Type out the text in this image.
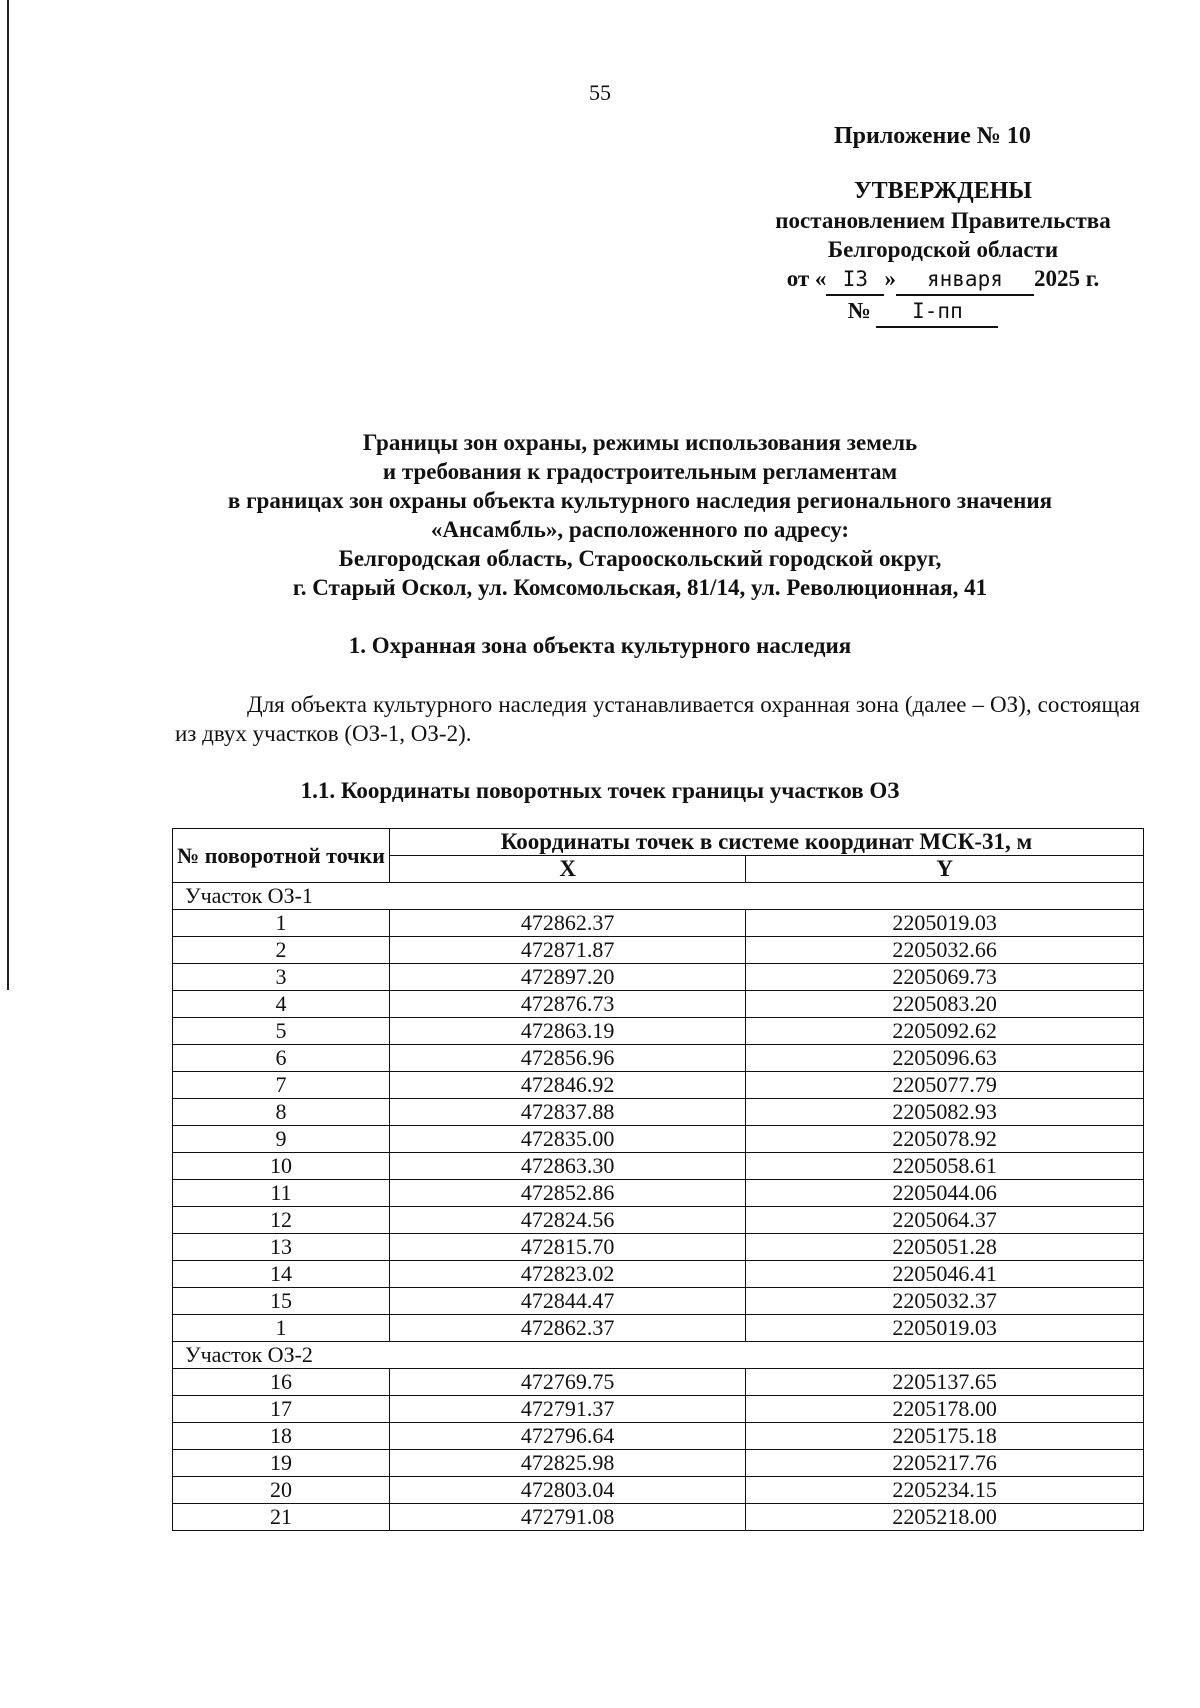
55
Приложение № 10
УТВЕРЖДЕНЫ
постановлением Правительства
Белгородской области
от « I3 » января 2025 г.
№ I-пп
Границы зон охраны, режимы использования земель
и требования к градостроительным регламентам
в границах зон охраны объекта культурного наследия регионального значения
«Ансамбль», расположенного по адресу:
Белгородская область, Старооскольский городской округ,
г. Старый Оскол, ул. Комсомольская, 81/14, ул. Революционная, 41
1. Охранная зона объекта культурного наследия
Для объекта культурного наследия устанавливается охранная зона (далее – ОЗ), состоящая из двух участков (ОЗ-1, ОЗ-2).
1.1. Координаты поворотных точек границы участков ОЗ
№ поворотной точки	Координаты точек в системе координат МСК-31, м	
	X	Y
Участок ОЗ-1		
1	472862.37	2205019.03
2	472871.87	2205032.66
3	472897.20	2205069.73
4	472876.73	2205083.20
5	472863.19	2205092.62
6	472856.96	2205096.63
7	472846.92	2205077.79
8	472837.88	2205082.93
9	472835.00	2205078.92
10	472863.30	2205058.61
11	472852.86	2205044.06
12	472824.56	2205064.37
13	472815.70	2205051.28
14	472823.02	2205046.41
15	472844.47	2205032.37
1	472862.37	2205019.03
Участок ОЗ-2		
16	472769.75	2205137.65
17	472791.37	2205178.00
18	472796.64	2205175.18
19	472825.98	2205217.76
20	472803.04	2205234.15
21	472791.08	2205218.00
